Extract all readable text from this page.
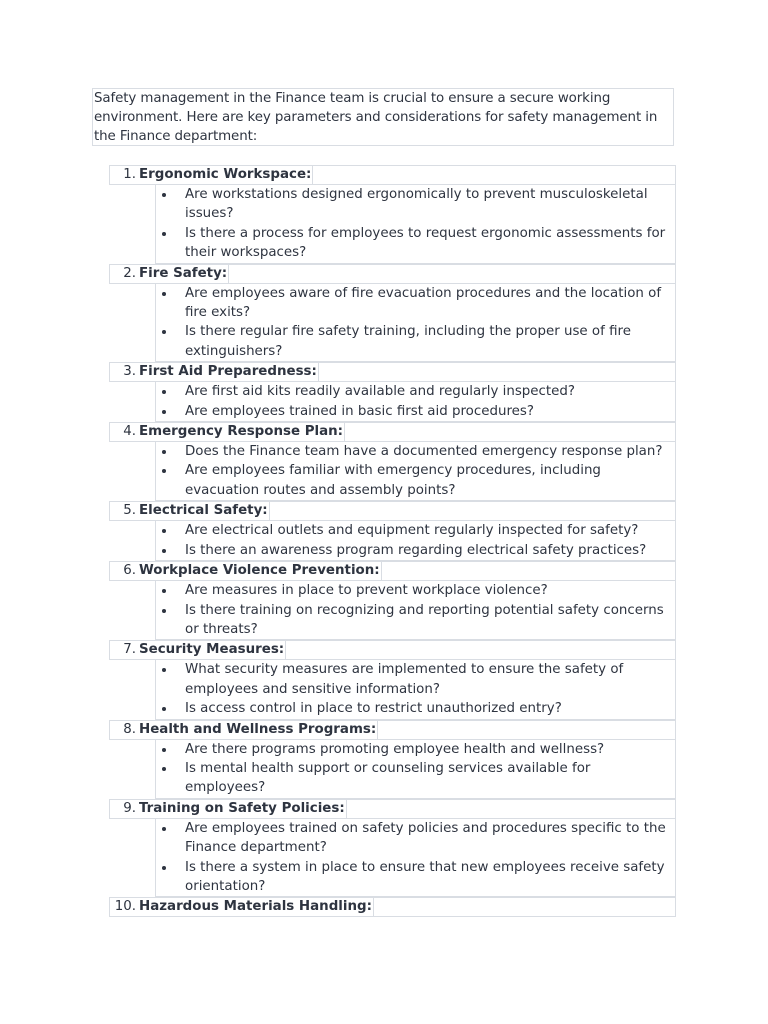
Safety management in the Finance team is crucial to ensure a secure working environment. Here are key parameters and considerations for safety management in the Finance department:
1. Ergonomic Workspace:
Are workstations designed ergonomically to prevent musculoskeletal issues?
Is there a process for employees to request ergonomic assessments for their workspaces?
2. Fire Safety:
Are employees aware of fire evacuation procedures and the location of fire exits?
Is there regular fire safety training, including the proper use of fire extinguishers?
3. First Aid Preparedness:
Are first aid kits readily available and regularly inspected?
Are employees trained in basic first aid procedures?
4. Emergency Response Plan:
Does the Finance team have a documented emergency response plan?
Are employees familiar with emergency procedures, including evacuation routes and assembly points?
5. Electrical Safety:
Are electrical outlets and equipment regularly inspected for safety?
Is there an awareness program regarding electrical safety practices?
6. Workplace Violence Prevention:
Are measures in place to prevent workplace violence?
Is there training on recognizing and reporting potential safety concerns or threats?
7. Security Measures:
What security measures are implemented to ensure the safety of employees and sensitive information?
Is access control in place to restrict unauthorized entry?
8. Health and Wellness Programs:
Are there programs promoting employee health and wellness?
Is mental health support or counseling services available for employees?
9. Training on Safety Policies:
Are employees trained on safety policies and procedures specific to the Finance department?
Is there a system in place to ensure that new employees receive safety orientation?
10. Hazardous Materials Handling:
